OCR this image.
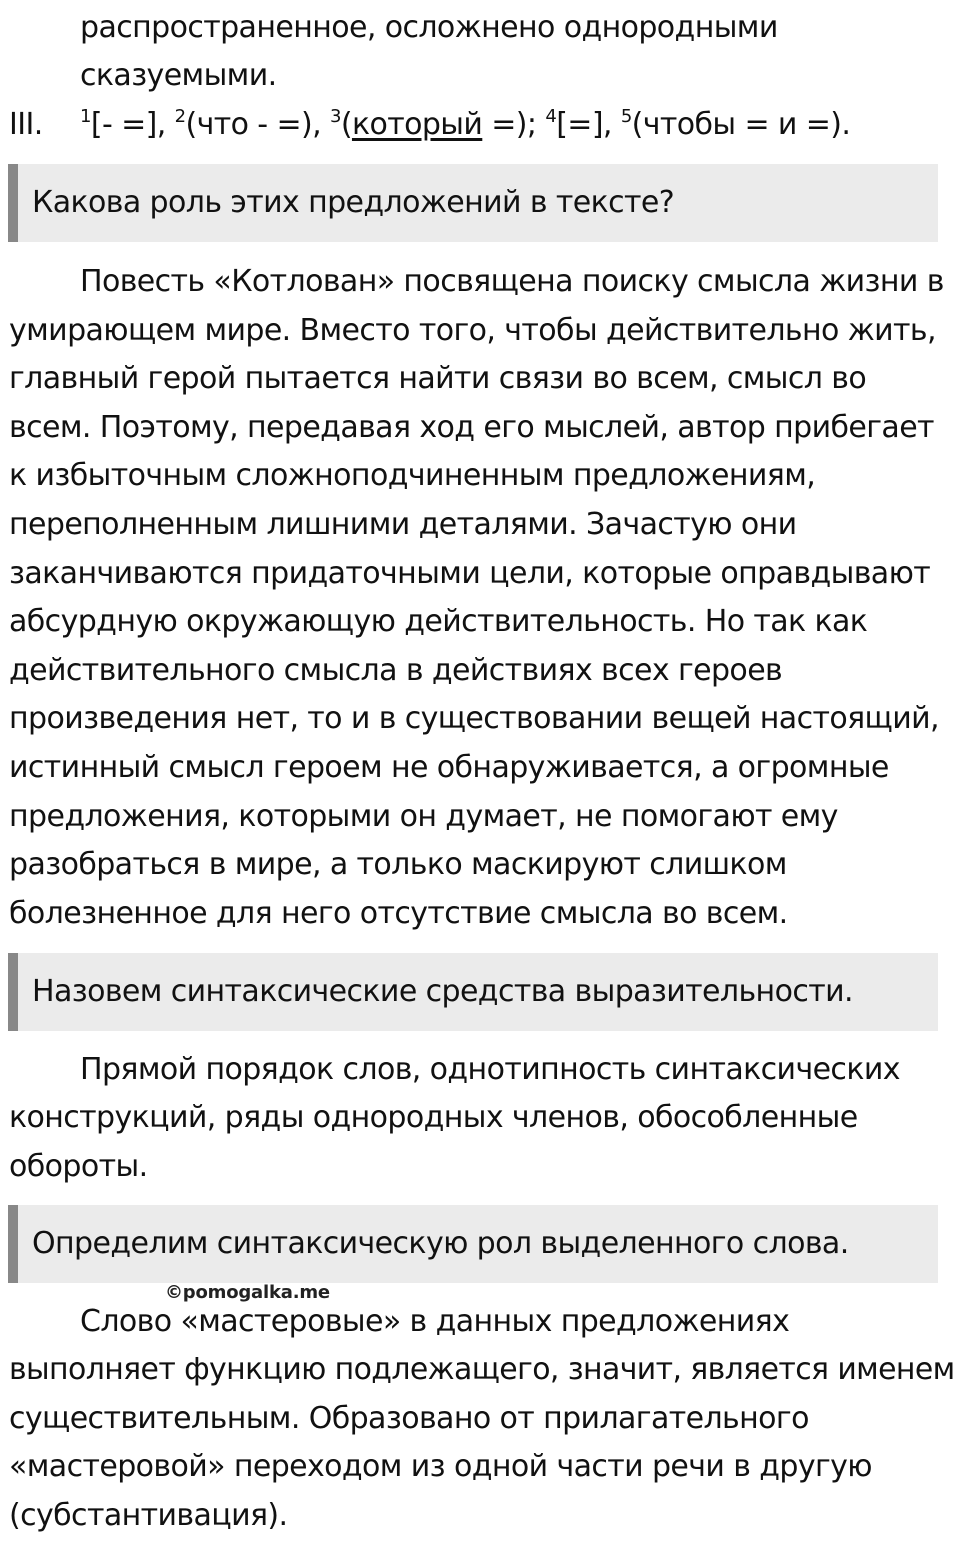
распространенное, осложнено однородными
сказуемыми.
III. $^1$[- =], $^2$(что - =), $^3$(который =); $^4$[=], $^5$(чтобы = и =).
Какова роль этих предложений в тексте?
Повесть «Котлован» посвящена поиску смысла жизни в
умирающем мире. Вместо того, чтобы действительно жить,
главный герой пытается найти связи во всем, смысл во
всем. Поэтому, передавая ход его мыслей, автор прибегает
к избыточным сложноподчиненным предложениям,
переполненным лишними деталями. Зачастую они
заканчиваются придаточными цели, которые оправдывают
абсурдную окружающую действительность. Но так как
действительного смысла в действиях всех героев
произведения нет, то и в существовании вещей настоящий,
истинный смысл героем не обнаруживается, а огромные
предложения, которыми он думает, не помогают ему
разобраться в мире, а только маскируют слишком
болезненное для него отсутствие смысла во всем.
Назовем синтаксические средства выразительности.
Прямой порядок слов, однотипность синтаксических
конструкций, ряды однородных членов, обособленные
обороты.
Определим синтаксическую рол выделенного слова.
©pomogalka.me
Слово «мастеровые» в данных предложениях
выполняет функцию подлежащего, значит, является именем
существительным. Образовано от прилагательного
«мастеровой» переходом из одной части речи в другую
(субстантивация).
